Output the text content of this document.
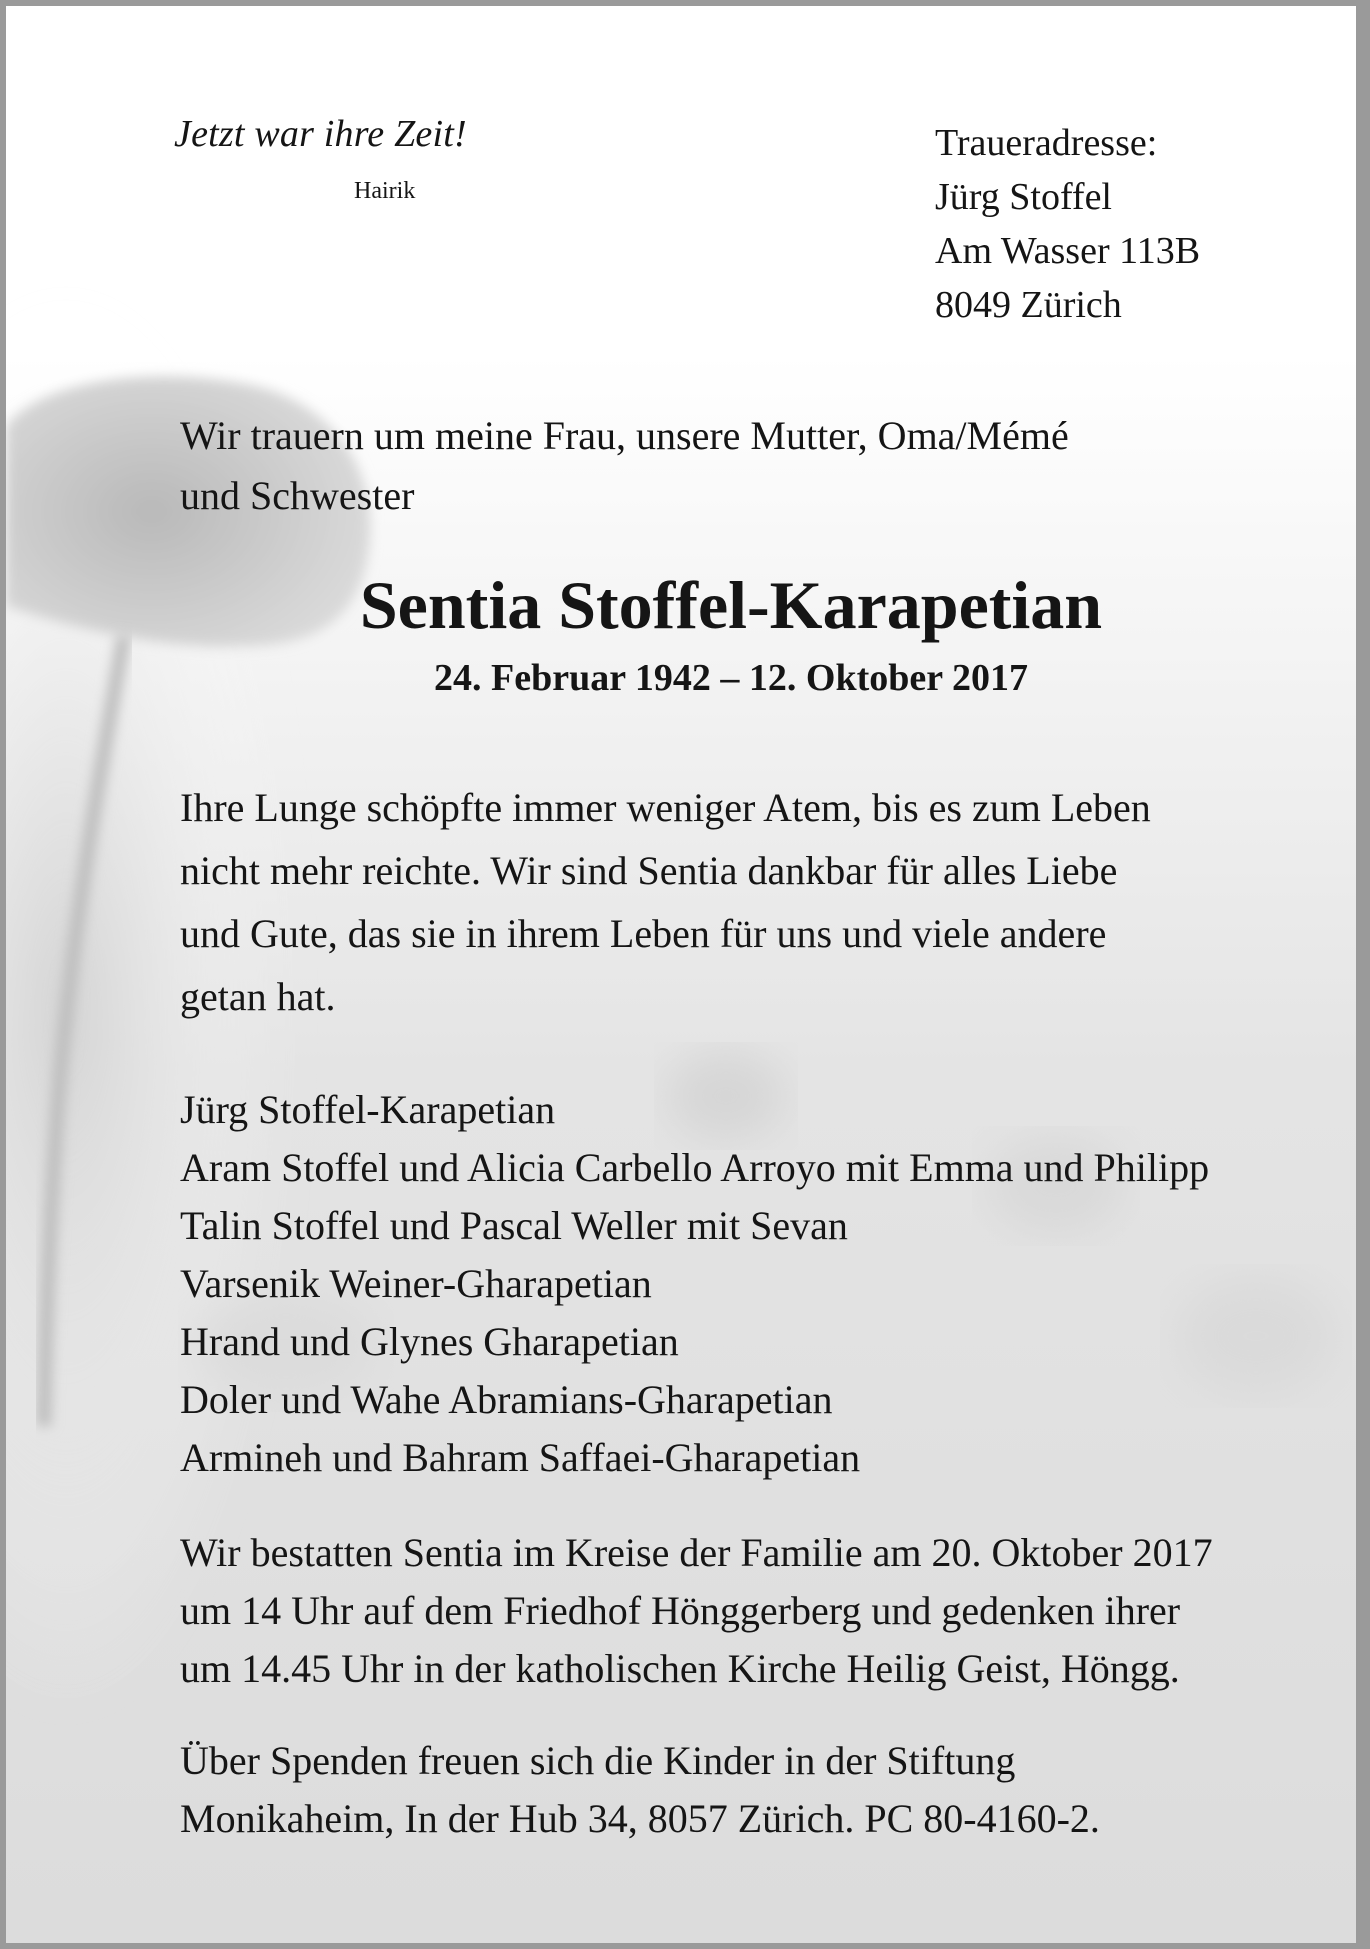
Jetzt war ihre Zeit!
Hairik
Traueradresse:
Jürg Stoffel
Am Wasser 113B
8049 Zürich
Wir trauern um meine Frau, unsere Mutter, Oma/Mémé
und Schwester
Sentia Stoffel-Karapetian
24. Februar 1942 – 12. Oktober 2017
Ihre Lunge schöpfte immer weniger Atem, bis es zum Leben
nicht mehr reichte. Wir sind Sentia dankbar für alles Liebe
und Gute, das sie in ihrem Leben für uns und viele andere
getan hat.
Jürg Stoffel-Karapetian
Aram Stoffel und Alicia Carbello Arroyo mit Emma und Philipp
Talin Stoffel und Pascal Weller mit Sevan
Varsenik Weiner-Gharapetian
Hrand und Glynes Gharapetian
Doler und Wahe Abramians-Gharapetian
Armineh und Bahram Saffaei-Gharapetian
Wir bestatten Sentia im Kreise der Familie am 20. Oktober 2017
um 14 Uhr auf dem Friedhof Hönggerberg und gedenken ihrer
um 14.45 Uhr in der katholischen Kirche Heilig Geist, Höngg.
Über Spenden freuen sich die Kinder in der Stiftung
Monikaheim, In der Hub 34, 8057 Zürich. PC 80-4160-2.
